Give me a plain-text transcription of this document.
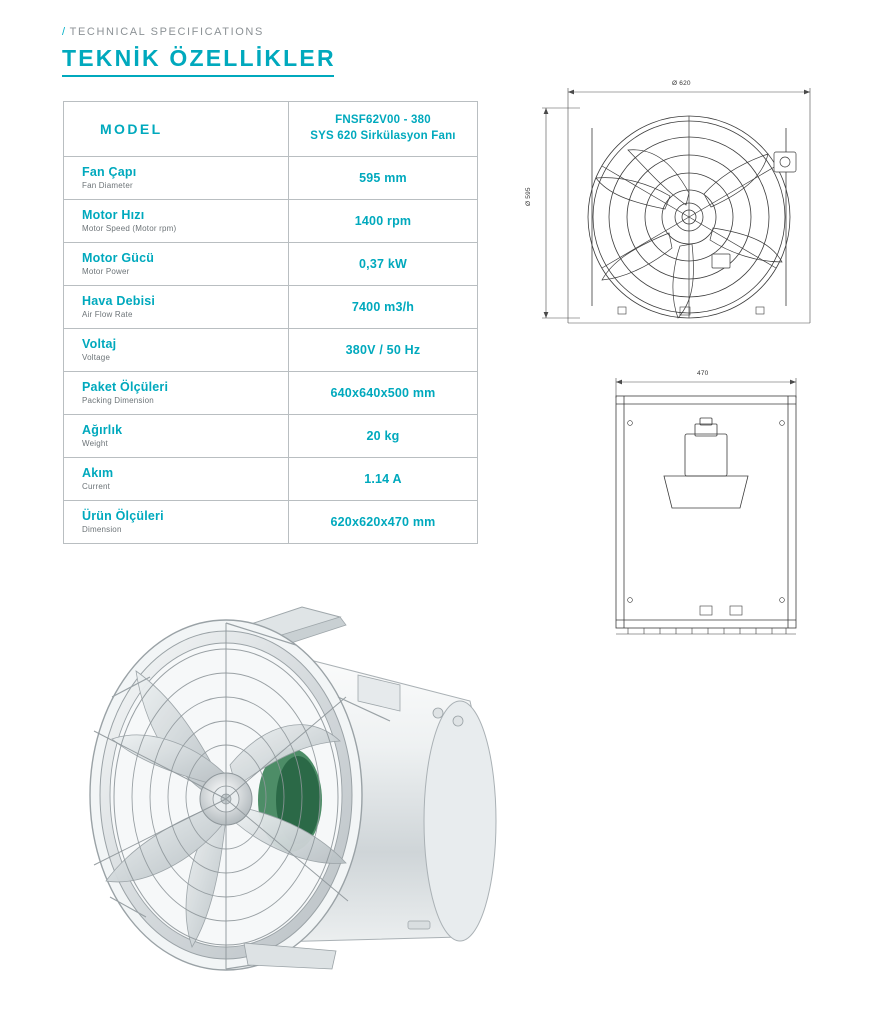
/ TECHNICAL SPECIFICATIONS
TEKNİK ÖZELLİKLER
MODEL	FNSF62V00 - 380
SYS 620 Sirkülasyon Fanı

Fan Çapı
Fan Diameter	595 mm

Motor Hızı
Motor Speed (Motor rpm)	1400 rpm

Motor Gücü
Motor Power	0,37 kW

Hava Debisi
Air Flow Rate	7400 m3/h

Voltaj
Voltage	380V / 50 Hz

Paket Ölçüleri
Packing Dimension	640x640x500 mm

Ağırlık
Weight	20 kg

Akım
Current	1.14 A

Ürün Ölçüleri
Dimension	620x620x470 mm
Ø 620
Ø 595
470
